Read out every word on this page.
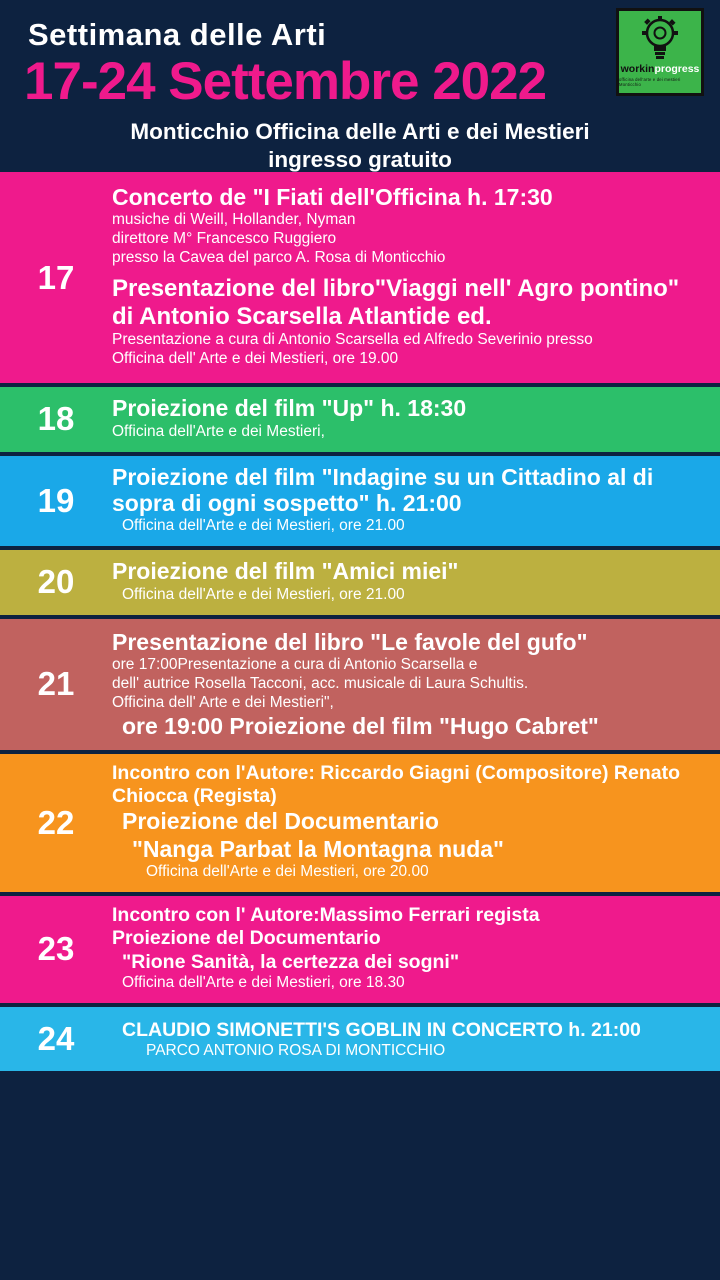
Settimana delle Arti
17-24 Settembre 2022
Monticchio Officina delle Arti e dei Mestieri
ingresso gratuito
workinprogress
officina dell'arte e dei mestieri Monticchio
17
Concerto de "I Fiati dell'Officina h. 17:30
musiche di Weill, Hollander, Nyman
direttore M° Francesco Ruggiero
presso la Cavea del parco A. Rosa di Monticchio
Presentazione del libro"Viaggi nell' Agro pontino" di Antonio Scarsella Atlantide ed.
Presentazione a cura di Antonio Scarsella ed Alfredo Severinio presso
Officina dell' Arte e dei Mestieri, ore 19.00
18	Proiezione del film "Up" h. 18:30
Officina dell'Arte e dei Mestieri,
19
Proiezione del film "Indagine su un Cittadino al di sopra di ogni sospetto" h. 21:00
Officina dell'Arte e dei Mestieri, ore 21.00
20	Proiezione del film "Amici miei"
Officina dell'Arte e dei Mestieri, ore 21.00
21
Presentazione del libro "Le favole del gufo"
ore 17:00Presentazione a cura di Antonio Scarsella e
dell' autrice Rosella Tacconi, acc. musicale di Laura Schultis.
Officina dell' Arte e dei Mestieri",
ore 19:00 Proiezione del film "Hugo Cabret"
22
Incontro con l'Autore: Riccardo Giagni (Compositore) Renato Chiocca (Regista)
Proiezione del Documentario
"Nanga Parbat la Montagna nuda"
Officina dell'Arte e dei Mestieri, ore 20.00
23
Incontro con l' Autore:Massimo Ferrari regista
Proiezione del Documentario
"Rione Sanità, la certezza dei sogni"
Officina dell'Arte e dei Mestieri, ore 18.30
24	CLAUDIO SIMONETTI'S GOBLIN IN CONCERTO h. 21:00
PARCO ANTONIO ROSA DI MONTICCHIO
